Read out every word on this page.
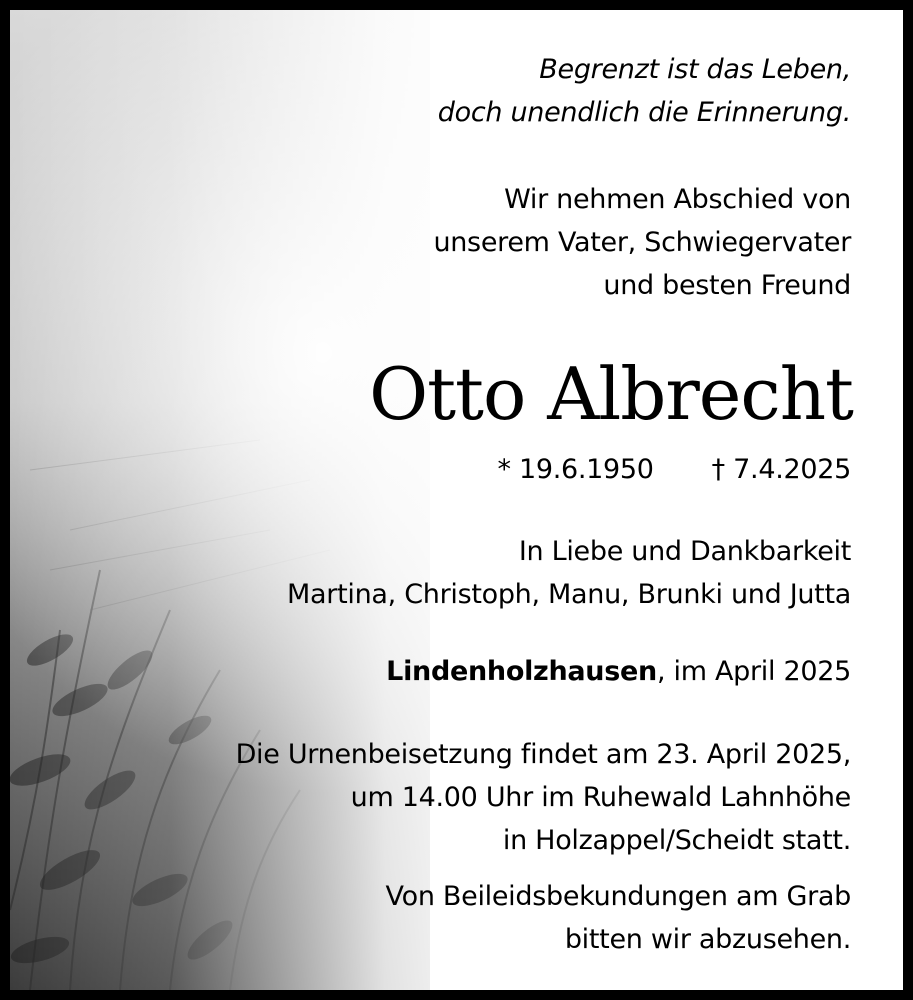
Begrenzt ist das Leben,
doch unendlich die Erinnerung.
Wir nehmen Abschied von
unserem Vater, Schwiegervater
und besten Freund
Otto Albrecht
* 19.6.1950 † 7.4.2025
In Liebe und Dankbarkeit
Martina, Christoph, Manu, Brunki und Jutta
Lindenholzhausen, im April 2025
Die Urnenbeisetzung findet am 23. April 2025,
um 14.00 Uhr im Ruhewald Lahnhöhe
in Holzappel/Scheidt statt.
Von Beileidsbekundungen am Grab
bitten wir abzusehen.
